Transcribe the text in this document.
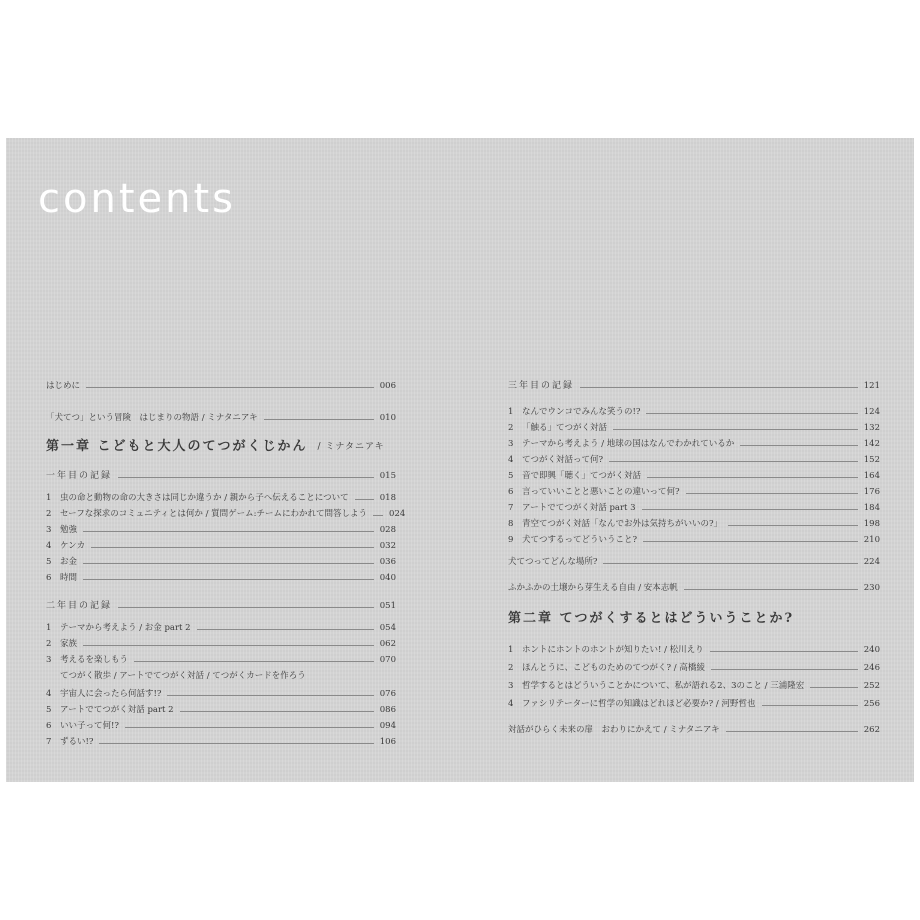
contents
はじめに	006
「犬てつ」という冒険　はじまりの物語 / ミナタニアキ	010
第一章 こどもと大人のてつがくじかん / ミナタニアキ
一年目の記録	015
1	虫の命と動物の命の大きさは同じか違うか / 親から子へ伝えることについて	018
2	セーフな探求のコミュニティとは何か / 質問ゲーム:チームにわかれて問答しよう	024
3	勉強	028
4	ケンカ	032
5	お金	036
6	時間	040
二年目の記録	051
1	テーマから考えよう / お金 part 2	054
2	家族	062
3	考えるを楽しもう	070
てつがく散歩 / アートでてつがく対話 / てつがくカードを作ろう
4	宇宙人に会ったら何話す!?	076
5	アートでてつがく対話 part 2	086
6	いい子って何!?	094
7	ずるい!?	106
三年目の記録	121
1	なんでウンコでみんな笑うの!?	124
2	「触る」てつがく対話	132
3	テーマから考えよう / 地球の国はなんでわかれているか	142
4	てつがく対話って何?	152
5	音で即興「聴く」てつがく対話	164
6	言っていいことと悪いことの違いって何?	176
7	アートでてつがく対話 part 3	184
8	青空てつがく対話「なんでお外は気持ちがいいの?」	198
9	犬てつするってどういうこと?	210
犬てつってどんな場所?	224
ふかふかの土壌から芽生える自由 / 安本志帆	230
第二章 てつがくするとはどういうことか?
1	ホントにホントのホントが知りたい! / 松川えり	240
2	ほんとうに、こどものためのてつがく? / 高橋綾	246
3	哲学するとはどういうことかについて、私が語れる2、3のこと / 三浦隆宏	252
4	ファシリテーターに哲学の知識はどれほど必要か? / 河野哲也	256
対話がひらく未来の扉　おわりにかえて / ミナタニアキ	262
